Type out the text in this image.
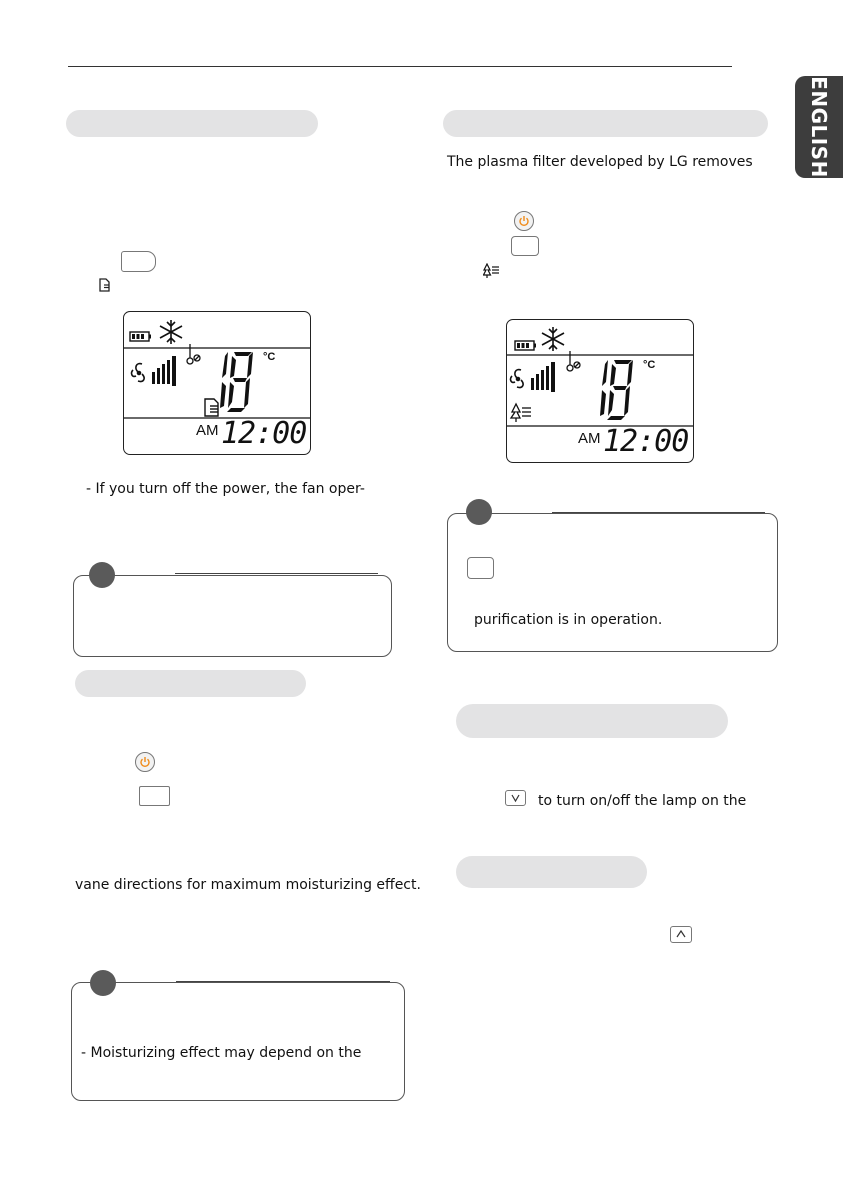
ENGLISH
°C
AM 12:00
- If you turn off the power, the fan oper-
vane directions for maximum moisturizing effect.
- Moisturizing effect may depend on the
The plasma filter developed by LG removes
°C
AM 12:00
purification is in operation.
to turn on/off the lamp on the
